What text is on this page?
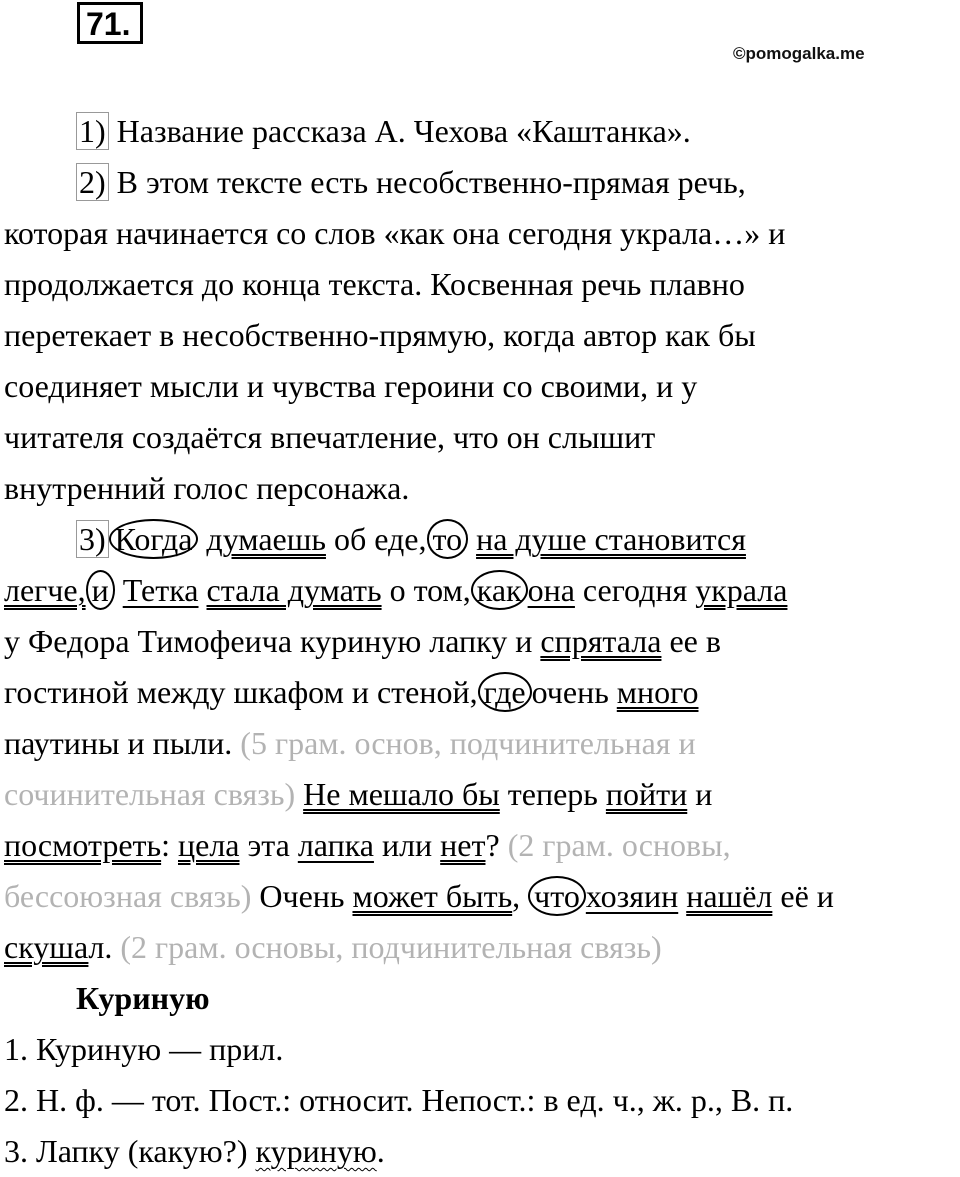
71.
©pomogalka.me
1) Название рассказа А. Чехова «Каштанка».
2) В этом тексте есть несобственно-прямая речь,
которая начинается со слов «как она сегодня украла…» и
продолжается до конца текста. Косвенная речь плавно
перетекает в несобственно-прямую, когда автор как бы
соединяет мысли и чувства героини со своими, и у
читателя создаётся впечатление, что он слышит
внутренний голос персонажа.
3) Когда думаешь об еде, то на душе становится
легче, и Тетка стала думать о том, как она сегодня украла
у Федора Тимофеича куриную лапку и спрятала ее в
гостиной между шкафом и стеной, где очень много
паутины и пыли. (5 грам. основ, подчинительная и
сочинительная связь) Не мешало бы теперь пойти и
посмотреть: цела эта лапка или нет? (2 грам. основы,
бессоюзная связь) Очень может быть, что хозяин нашёл её и
скушал. (2 грам. основы, подчинительная связь)
Куриную
1. Куриную — прил.
2. Н. ф. — тот. Пост.: относит. Непост.: в ед. ч., ж. р., В. п.
3. Лапку (какую?) куриную.
